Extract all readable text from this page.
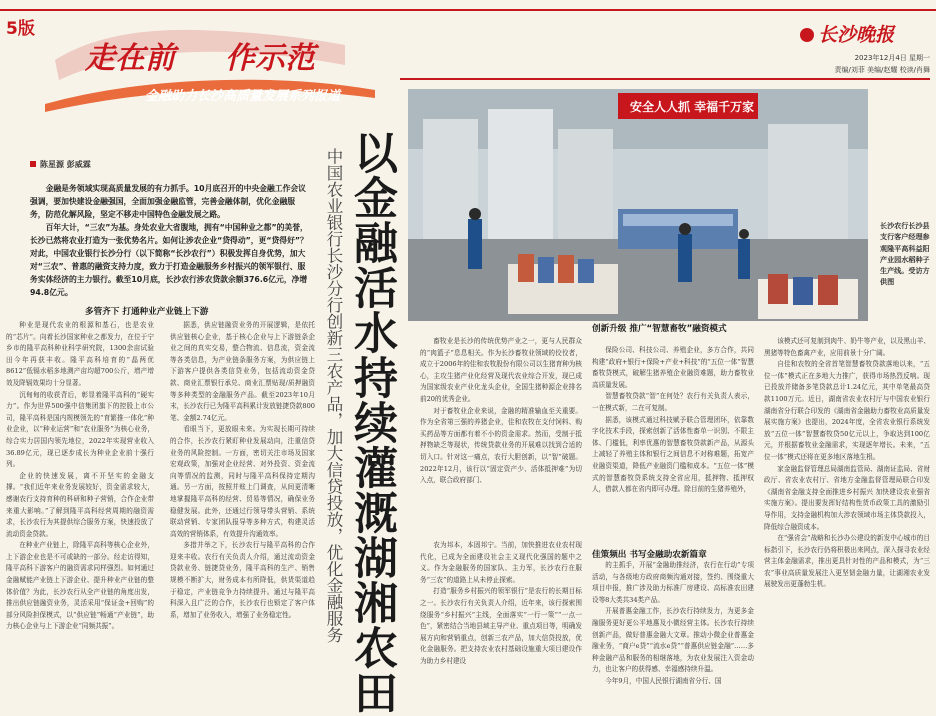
5版
走在前 作示范
金融助力长沙高质量发展系列报道
长沙晚报
2023年12月4日 星期一
责编/刘菲 美编/赵耀 校读/肖舞
陈星源 彭威霖

金融是务领域实现高质量发展的有力抓手。10月底召开的中央金融工作会议强调，要加快建设金融强国，全面加强金融监管，完善金融体制，优化金融服务，防范化解风险，坚定不移走中国特色金融发展之路。

百年大计，“三农”为基。身处农业大省腹地，拥有“中国种业之都”的美誉，长沙已然将农业打造为一张优势名片。如何让涉农企业“贷得动”，更“贷得好”？对此，中国农业银行长沙分行（以下简称“长沙农行”）积极发挥自身优势，加大对“三农”、普惠的融资支持力度，致力于打造金融服务乡村振兴的领军银行、服务实体经济的主力银行。截至10月底，长沙农行涉农贷款余额376.6亿元，净增94.8亿元。

多管齐下 打通种业产业链上下游

种业是现代农业的根源和基石，也是农业的“芯片”。向着长沙国家种业之都发力，在位于宁乡市的隆平高科种业科学研究院，1300余亩试验田今年再获丰收。隆平高科培育的“晶两优8612”低镉水稻多地测产亩均超700公斤，增产增效及降镉效果均十分显著。

沉甸甸的收获背后，彰显着隆平高科的“硬实力”。作为世界500强中信集团旗下的控股上市公司，隆平高科是国内规模领先的“育繁推一体化”种业企业，以“种业运营”和“农业服务”为核心业务，综合实力居国内领先地位，2022年实现营业收入36.89亿元，现已逐步成长为种业企业前十强行列。

企业的快速发展，离不开坚实的金融支撑。“我们近年来业务发展较好，资金需求较大，感谢农行支持育种的科研和种子营销，合作企业带来重大影响。”了解到隆平高科经营周期的融资需求，长沙农行为其提供综合服务方案，快速投放了流动资金贷款。

在种业产业链上，除隆平高科等核心企业外，上下游企业也是不可或缺的一部分。经走访得知，隆平高科下游客户的融资需求同样强烈。如何通过金融赋能产业链上下游企业、提升种业产业链的整体价值？为此，长沙农行从全产业链的角度出发，推出供应链融资业务，灵活采用“保证金+回购”的部分风险担保模式，以“供应链”畅通“产业链”，助力核心企业与上下游企业“同频共振”。

据悉，供应链融资业务的开展逻辑，是依托供应链核心企业，基于核心企业与上下游链条企业之间的真实交易，整合物流、信息流，资金流等各类信息，为产业链条服务方案，为供应链上下游客户提供各类信贷业务，包括流动资金贷款、商业汇票银行承兑、商业汇票贴现/质押融资等多种类型的金融服务产品。截至2023年10月末，长沙农行已为隆平高科累计发放链捷贷款800笔、金额2.74亿元。

看眼当下，更放眼未来。为实现长期可持续的合作，长沙农行紧盯种业发展动向，注重信贷业务的风险控制。一方面，密切关注市场及国家宏观政策，加强对企业经营、对外投资、资金流向等情况的监测，同时与隆平高科保持定期沟通。另一方面，按照并账上门调查，从间更清晰地掌握隆平高科的经营、贸易等情况，确保业务稳健发展。此外，还通过行领导带头营销、系统联动营销、专家团队报导等多种方式，构建灵活高效的营销体系，有效提升沟通效率。

多措并举之下，长沙农行与隆平高科的合作迎来丰收。农行有关负责人介绍，通过流动资金贷款业务、链捷贷业务，隆平高科的生产、销售规模不断扩大，财务成本有所降低，供货渠道趋于稳定，产业链竞争力持续提升。通过与隆平高科深入且广泛的合作，长沙农行也锁定了客户体系，增加了业务收入，增强了业务稳定性。	以金融活水持续灌溉湖湘农田
中国农业银行长沙分行创新三农产品，加大信贷投放，优化金融服务
安全人人抓 幸福千万家
长沙农行长沙县支行客户经理参观隆平高科益阳产业园水稻种子生产线。受访方供图
创新升级 推广“智慧畜牧”融资模式

畜牧业是长沙的传统优势产业之一，更与人民群众的“肉篮子”息息相关。作为长沙畜牧业领域的佼佼者，成立于2006年的佳和农牧股份有限公司以生猪育种为核心，主攻生猪产业化经营及现代农业综合开发，现已成为国家级农业产业化龙头企业，全国生猪种源企业排名前20的优秀企业。

对于畜牧业企业来说，金融的精准输血至关重要。作为全省第三强的养猪企业，佳和农牧在支付饲料、购买药品等方面都有着不小的资金需求。然而，受制于抵押物缺乏等现状，传统贷款业务的开展难以找到合适的切入口。针对这一痛点，农行大胆创新，以“智”破题。2022年12月，该行以“固定资产少、活体抵押难”为切入点，联合政府部门、

保险公司、科技公司、养殖企业，多方合作，共同构建“政府+银行+保险+产业+科技”的“五位一体”智慧畜牧贷模式，破解生猪养殖企业融资难题，助力畜牧业高质量发展。

智慧畜牧贷款“智”在何处？农行有关负责人表示，一在模式新，二在可复制。

据悉，该模式通过科技赋予联合管理团环，依靠数字化技术手段，探索创新了活体性畜单一识别、不限主体、门槛低，利率优惠的智慧畜牧贷款新产品，从源头上减轻了养殖主体和银行之间信息不对称难题，拓宽产业融资渠道，降低产业融资门槛和成本。“五位一体”模式的智慧畜牧贷系统支持全省应用，抵押物、抵押权人，借款人都在省内即可办理。除目前的生猪养殖外，

该模式还可复制到肉牛、奶牛等产业，以及黑山羊、黑猪等特色畜禽产业，应用前景十分广阔。

自佳和农牧的全省首笔智慧畜牧贷款落地以来，“五位一体”模式正在多地大力推广，获得市场热烈反响。现已投放并储备多笔贷款总计1.24亿元，其中单笔最高贷款1100万元。近日，湖南省农业农村厅与中国农业银行湖南省分行联合印发的《湖南省金融助力畜牧业高质量发展实施方案》也提出，2024年度，全省农业银行系统发放“五位一体”智慧畜牧贷50亿元以上，争取达到100亿元，并根据畜牧业金融需求，实现逐年增长。未来，“五位一体”模式还将在更多地区落地生根。

家金融监督管理总局湖南监管局、湖南证监局、省财政厅、省农业农村厅、省地方金融监督管理局联合印发《湖南省金融支持全面推进乡村振兴 加快建设农业强省实施方案》。提出要发挥好结构性货币政策工具的激励引导作用，支持金融机构加大涉农领域市场主体贷款投入，降低综合融资成本。

在“强省会”战略和长沙办公建设的新发中心城市的目标指引下，长沙农行仍将积极出来网点，深入探寻农业经营主体金融需求，推出更具针对性的产品和模式，为“三农”事业高质量发展注入更坚韧金融力量，让湖湘农业发展驶发出更蓬勃生机。

佳策频出 书写金融助农新篇章

农为邦本，本固邦宁。当前，加快推进农业农村现代化，已成为全面建设社会主义现代化强国的题中之义。作为金融服务的国家队、主力军，长沙农行在服务“三农”的道路上从未停止探索。

打造“服务乡村振兴的领军银行”是农行的长期目标之一。长沙农行有关负责人介绍，近年来，该行探索围绕服务“乡村振兴”主线，全面落实“一行一策”“一点一色”，紧密结合当地县域主导产业、重点项目等，明确发展方向和营销重点，创新三农产品，加大信贷投放，优化金融服务。把支持农业农村基础设施重大项目建设作为助力乡村建设

的主抓手，开展“金融助推经济，农行在行动”专项活动，与各级地方政府商频沟通对接，签约、围绕重大项目申报，推广涉及助力标准厂房建设、高标准农田建设等8大类共34类产品。

开展普惠金融工作，长沙农行持续发力，为更多金融服务更好更公平地惠及小微经营主体。长沙农行持续创新产品，做好普惠金融大文章。推动小微企业普惠金融业务，“商户e贷”“流水e贷”“普惠供应链金融”……多种金融产品和服务的相继落地，为农业发展注入资金动力，也让客户的获得感、幸福感持续升温。

今年9月，中国人民银行湖南省分行、国
